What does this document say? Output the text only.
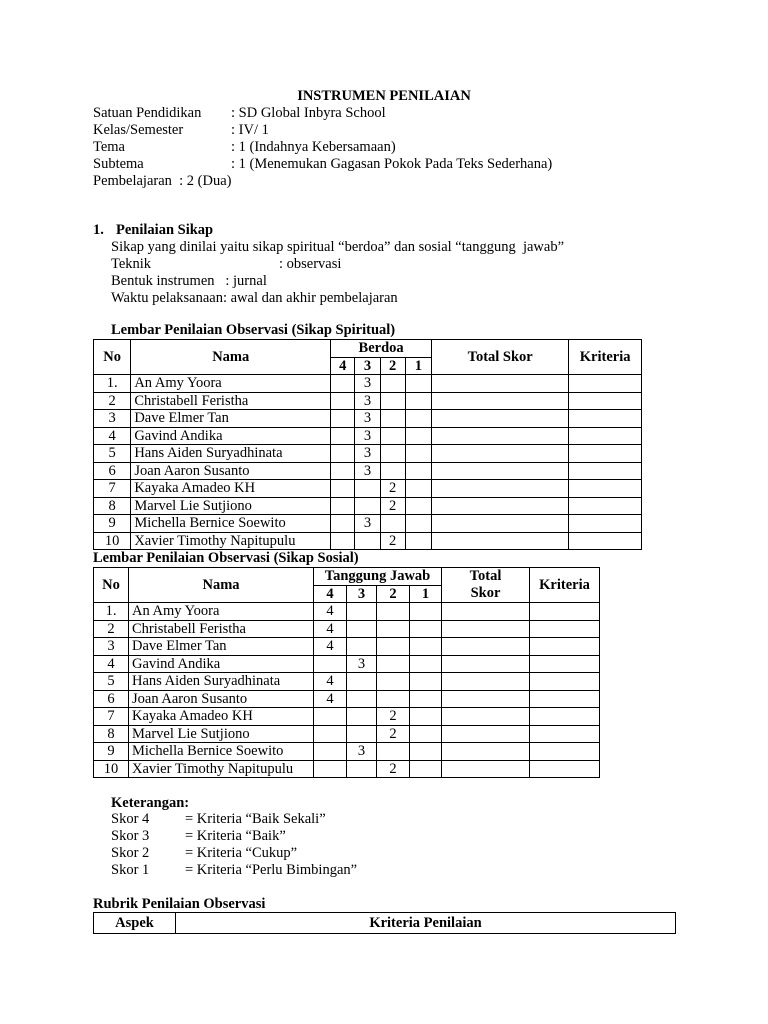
INSTRUMEN PENILAIAN
Satuan Pendidikan : SD Global Inbyra School
Kelas/Semester	: IV/ 1
Tema	: 1 (Indahnya Kebersamaan)
Subtema	: 1 (Menemukan Gagasan Pokok Pada Teks Sederhana)
Pembelajaran  : 2 (Dua)
1. Penilaian Sikap
Sikap yang dinilai yaitu sikap spiritual “berdoa” dan sosial “tanggung  jawab”
Teknik	: observasi
Bentuk instrumen   : jurnal
Waktu pelaksanaan: awal dan akhir pembelajaran
Lembar Penilaian Observasi (Sikap Spiritual)
No	Nama	Berdoa				Total Skor	Kriteria
		4	3	2	1		
1.	An Amy Yoora		3				
2	Christabell Feristha		3				
3	Dave Elmer Tan		3				
4	Gavind Andika		3				
5	Hans Aiden Suryadhinata		3				
6	Joan Aaron Susanto		3				
7	Kayaka Amadeo KH			2			
8	Marvel Lie Sutjiono			2			
9	Michella Bernice Soewito		3				
10	Xavier Timothy Napitupulu			2			
Lembar Penilaian Observasi (Sikap Sosial)
No	Nama	Tanggung Jawab				Total
Skor	Kriteria
		4	3	2	1		
1.	An Amy Yoora	4					
2	Christabell Feristha	4					
3	Dave Elmer Tan	4					
4	Gavind Andika		3				
5	Hans Aiden Suryadhinata	4					
6	Joan Aaron Susanto	4					
7	Kayaka Amadeo KH			2			
8	Marvel Lie Sutjiono			2			
9	Michella Bernice Soewito		3				
10	Xavier Timothy Napitupulu			2			
Keterangan:
Skor 4 = Kriteria “Baik Sekali”
Skor 3 = Kriteria “Baik”
Skor 2 = Kriteria “Cukup”
Skor 1 = Kriteria “Perlu Bimbingan”
Rubrik Penilaian Observasi
Aspek	Kriteria Penilaian
